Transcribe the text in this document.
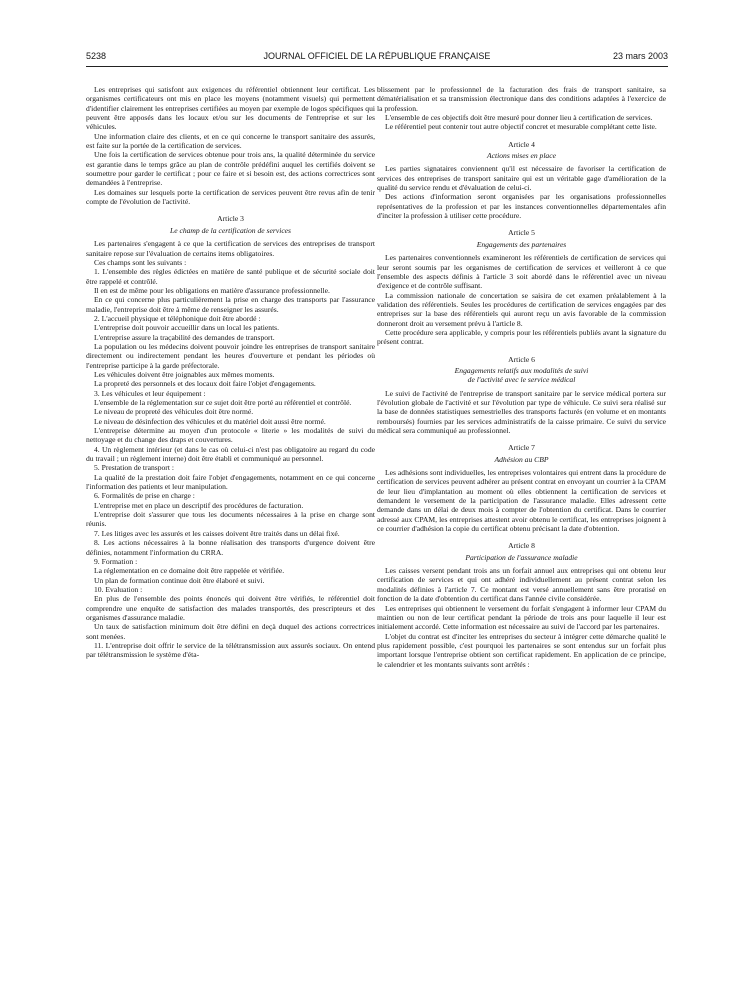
5238	JOURNAL OFFICIEL DE LA RÉPUBLIQUE FRANÇAISE	23 mars 2003

Les entreprises qui satisfont aux exigences du référentiel obtiennent leur certificat. Les organismes certificateurs ont mis en place les moyens (notamment visuels) qui permettent d'identifier clairement les entreprises certifiées au moyen par exemple de logos spécifiques qui peuvent être apposés dans les locaux et/ou sur les documents de l'entreprise et sur les véhicules.

Une information claire des clients, et en ce qui concerne le transport sanitaire des assurés, est faite sur la portée de la certification de services.

Une fois la certification de services obtenue pour trois ans, la qualité déterminée du service est garantie dans le temps grâce au plan de contrôle prédéfini auquel les certifiés doivent se soumettre pour garder le certificat ; pour ce faire et si besoin est, des actions correctrices sont demandées à l'entreprise.

Les domaines sur lesquels porte la certification de services peuvent être revus afin de tenir compte de l'évolution de l'activité.

Article 3
Le champ de la certification de services

Les partenaires s'engagent à ce que la certification de services des entreprises de transport sanitaire repose sur l'évaluation de certains items obligatoires.

Ces champs sont les suivants :

1. L'ensemble des règles édictées en matière de santé publique et de sécurité sociale doit être rappelé et contrôlé.

Il en est de même pour les obligations en matière d'assurance professionnelle.

En ce qui concerne plus particulièrement la prise en charge des transports par l'assurance maladie, l'entreprise doit être à même de renseigner les assurés.

2. L'accueil physique et téléphonique doit être abordé :

L'entreprise doit pouvoir accueillir dans un local les patients.

L'entreprise assure la traçabilité des demandes de transport.

La population ou les médecins doivent pouvoir joindre les entreprises de transport sanitaire directement ou indirectement pendant les heures d'ouverture et pendant les périodes où l'entreprise participe à la garde préfectorale.

Les véhicules doivent être joignables aux mêmes moments.

La propreté des personnels et des locaux doit faire l'objet d'engagements.

3. Les véhicules et leur équipement :

L'ensemble de la réglementation sur ce sujet doit être porté au référentiel et contrôlé.

Le niveau de propreté des véhicules doit être normé.

Le niveau de désinfection des véhicules et du matériel doit aussi être normé.

L'entreprise détermine au moyen d'un protocole « literie » les modalités de suivi du nettoyage et du change des draps et couvertures.

4. Un règlement intérieur (et dans le cas où celui-ci n'est pas obligatoire au regard du code du travail ; un règlement interne) doit être établi et communiqué au personnel.

5. Prestation de transport :

La qualité de la prestation doit faire l'objet d'engagements, notamment en ce qui concerne l'information des patients et leur manipulation.

6. Formalités de prise en charge :

L'entreprise met en place un descriptif des procédures de facturation.

L'entreprise doit s'assurer que tous les documents nécessaires à la prise en charge sont réunis.

7. Les litiges avec les assurés et les caisses doivent être traités dans un délai fixé.

8. Les actions nécessaires à la bonne réalisation des transports d'urgence doivent être définies, notamment l'information du CRRA.

9. Formation :

La réglementation en ce domaine doit être rappelée et vérifiée.

Un plan de formation continue doit être élaboré et suivi.

10. Evaluation :

En plus de l'ensemble des points énoncés qui doivent être vérifiés, le référentiel doit comprendre une enquête de satisfaction des malades transportés, des prescripteurs et des organismes d'assurance maladie.

Un taux de satisfaction minimum doit être défini en deçà duquel des actions correctrices sont menées.

11. L'entreprise doit offrir le service de la télétransmission aux assurés sociaux. On entend par télétransmission le système d'éta-

blissement par le professionnel de la facturation des frais de transport sanitaire, sa dématérialisation et sa transmission électronique dans des conditions adaptées à l'exercice de la profession.

L'ensemble de ces objectifs doit être mesuré pour donner lieu à certification de services.

Le référentiel peut contenir tout autre objectif concret et mesurable complétant cette liste.

Article 4
Actions mises en place

Les parties signataires conviennent qu'il est nécessaire de favoriser la certification de services des entreprises de transport sanitaire qui est un véritable gage d'amélioration de la qualité du service rendu et d'évaluation de celui-ci.

Des actions d'information seront organisées par les organisations professionnelles représentatives de la profession et par les instances conventionnelles départementales afin d'inciter la profession à utiliser cette procédure.

Article 5
Engagements des partenaires

Les partenaires conventionnels examineront les référentiels de certification de services qui leur seront soumis par les organismes de certification de services et veilleront à ce que l'ensemble des aspects définis à l'article 3 soit abordé dans le référentiel avec un niveau d'exigence et de contrôle suffisant.

La commission nationale de concertation se saisira de cet examen préalablement à la validation des référentiels. Seules les procédures de certification de services engagées par des entreprises sur la base des référentiels qui auront reçu un avis favorable de la commission donneront droit au versement prévu à l'article 8.

Cette procédure sera applicable, y compris pour les référentiels publiés avant la signature du présent contrat.

Article 6
Engagements relatifs aux modalités de suivi
de l'activité avec le service médical

Le suivi de l'activité de l'entreprise de transport sanitaire par le service médical portera sur l'évolution globale de l'activité et sur l'évolution par type de véhicule. Ce suivi sera réalisé sur la base de données statistiques semestrielles des transports facturés (en volume et en montants remboursés) fournies par les services administratifs de la caisse primaire. Ce suivi du service médical sera communiqué au professionnel.

Article 7
Adhésion au CBP

Les adhésions sont individuelles, les entreprises volontaires qui entrent dans la procédure de certification de services peuvent adhérer au présent contrat en envoyant un courrier à la CPAM de leur lieu d'implantation au moment où elles obtiennent la certification de services et demandent le versement de la participation de l'assurance maladie. Elles adressent cette demande dans un délai de deux mois à compter de l'obtention du certificat. Dans le courrier adressé aux CPAM, les entreprises attestent avoir obtenu le certificat, les entreprises joignent à ce courrier d'adhésion la copie du certificat obtenu précisant la date d'obtention.

Article 8
Participation de l'assurance maladie

Les caisses versent pendant trois ans un forfait annuel aux entreprises qui ont obtenu leur certification de services et qui ont adhéré individuellement au présent contrat selon les modalités définies à l'article 7. Ce montant est versé annuellement sans être proratisé en fonction de la date d'obtention du certificat dans l'année civile considérée.

Les entreprises qui obtiennent le versement du forfait s'engagent à informer leur CPAM du maintien ou non de leur certificat pendant la période de trois ans pour laquelle il leur est initialement accordé. Cette information est nécessaire au suivi de l'accord par les partenaires.

L'objet du contrat est d'inciter les entreprises du secteur à intégrer cette démarche qualité le plus rapidement possible, c'est pourquoi les partenaires se sont entendus sur un forfait plus important lorsque l'entreprise obtient son certificat rapidement. En application de ce principe, le calendrier et les montants suivants sont arrêtés :
